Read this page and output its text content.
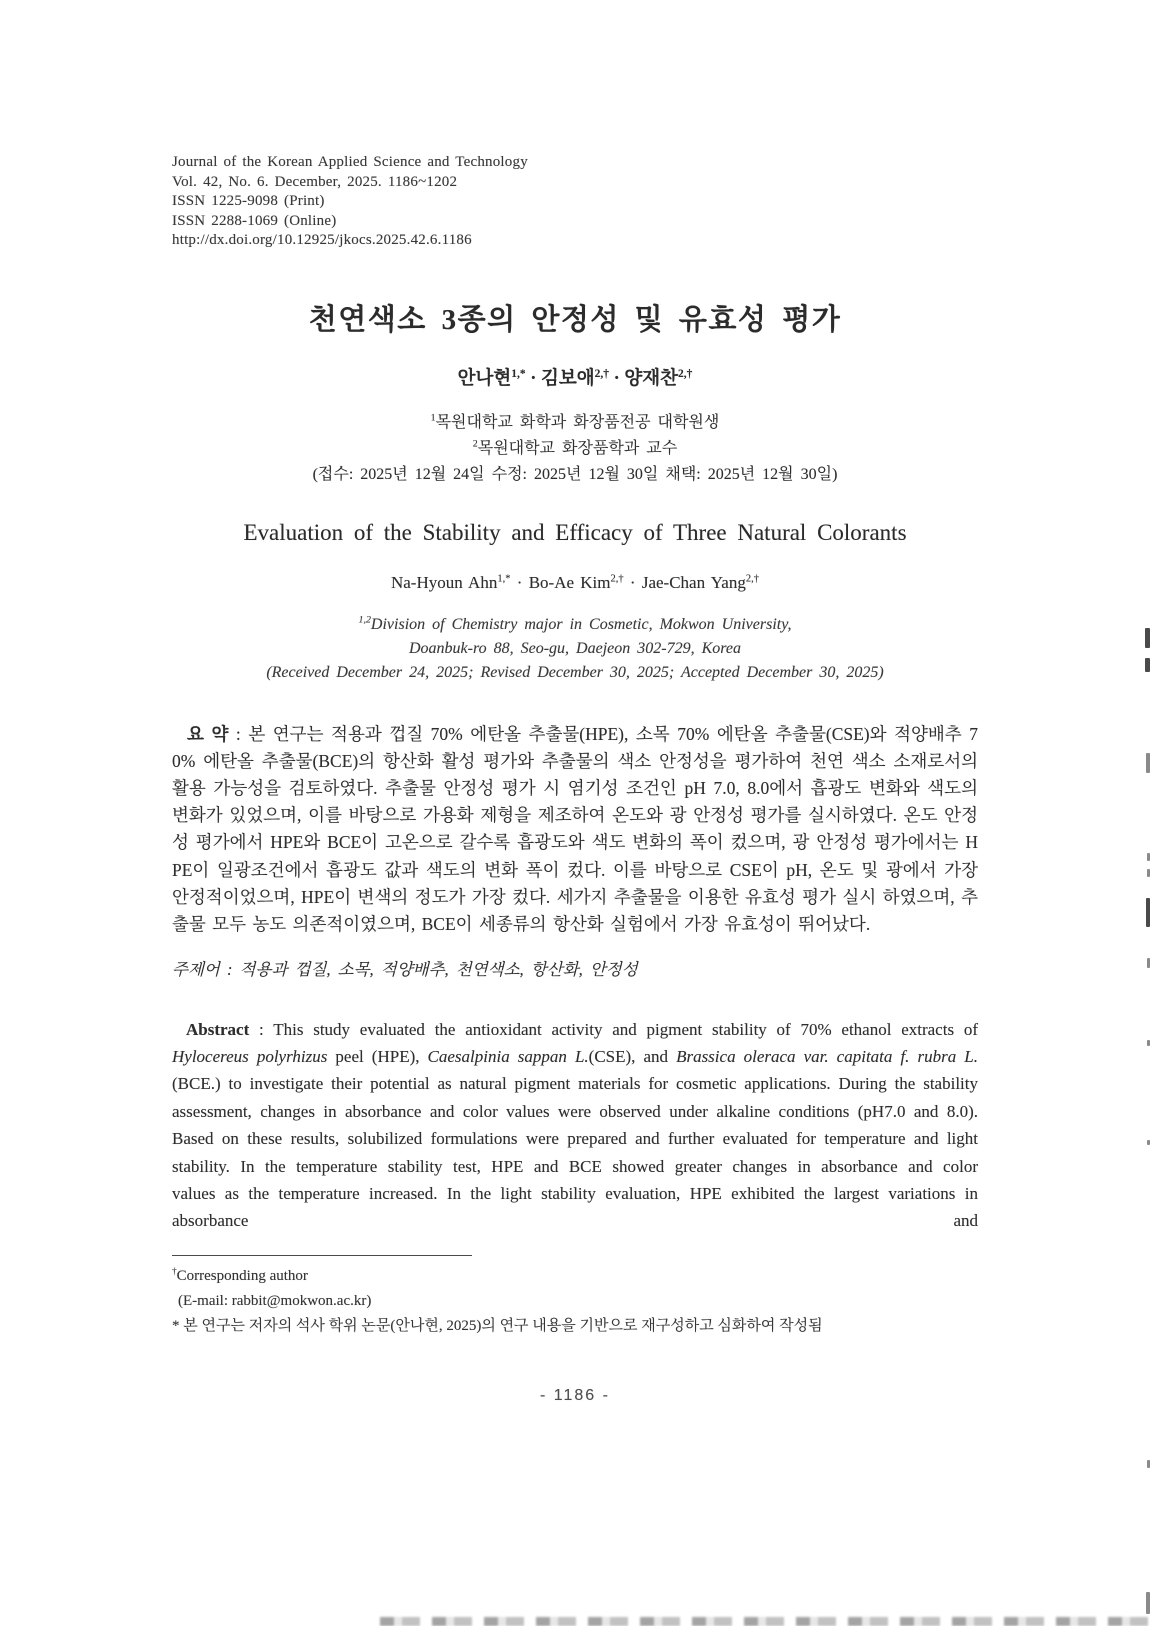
Journal of the Korean Applied Science and Technology
Vol. 42, No. 6. December, 2025. 1186~1202
ISSN 1225-9098 (Print)
ISSN 2288-1069 (Online)
http://dx.doi.org/10.12925/jkocs.2025.42.6.1186
천연색소 3종의 안정성 및 유효성 평가
안나현$^{1,*}$ · 김보애$^{2,\dagger}$ · 양재찬$^{2,\dagger}$
$^1$목원대학교 화학과 화장품전공 대학원생
$^2$목원대학교 화장품학과 교수
(접수: 2025년 12월 24일 수정: 2025년 12월 30일 채택: 2025년 12월 30일)
Evaluation of the Stability and Efficacy of Three Natural Colorants
Na-Hyoun Ahn$^{1,*}$ · Bo-Ae Kim$^{2,\dagger}$ · Jae-Chan Yang$^{2,\dagger}$
$^{1,2}$Division of Chemistry major in Cosmetic, Mokwon University,
Doanbuk-ro 88, Seo-gu, Daejeon 302-729, Korea
(Received December 24, 2025; Revised December 30, 2025; Accepted December 30, 2025)

요 약 : 본 연구는 적용과 껍질 70% 에탄올 추출물(HPE), 소목 70% 에탄올 추출물(CSE)와 적양배추 70% 에탄올 추출물(BCE)의 항산화 활성 평가와 추출물의 색소 안정성을 평가하여 천연 색소 소재로서의 활용 가능성을 검토하였다. 추출물 안정성 평가 시 염기성 조건인 pH 7.0, 8.0에서 흡광도 변화와 색도의 변화가 있었으며, 이를 바탕으로 가용화 제형을 제조하여 온도와 광 안정성 평가를 실시하였다. 온도 안정성 평가에서 HPE와 BCE이 고온으로 갈수록 흡광도와 색도 변화의 폭이 컸으며, 광 안정성 평가에서는 HPE이 일광조건에서 흡광도 값과 색도의 변화 폭이 컸다. 이를 바탕으로 CSE이 pH, 온도 및 광에서 가장 안정적이었으며, HPE이 변색의 정도가 가장 컸다. 세가지 추출물을 이용한 유효성 평가 실시 하였으며, 추출물 모두 농도 의존적이였으며, BCE이 세종류의 항산화 실험에서 가장 유효성이 뛰어났다.

주제어 : 적용과 껍질, 소목, 적양배추, 천연색소, 항산화, 안정성

Abstract : This study evaluated the antioxidant activity and pigment stability of 70% ethanol extracts of Hylocereus polyrhizus peel (HPE), Caesalpinia sappan L.(CSE), and Brassica oleraca var. capitata f. rubra L.(BCE.) to investigate their potential as natural pigment materials for cosmetic applications. During the stability assessment, changes in absorbance and color values were observed under alkaline conditions (pH7.0 and 8.0). Based on these results, solubilized formulations were prepared and further evaluated for temperature and light stability. In the temperature stability test, HPE and BCE showed greater changes in absorbance and color values as the temperature increased. In the light stability evaluation, HPE exhibited the largest variations in absorbance and

†Corresponding author
(E-mail: rabbit@mokwon.ac.kr)
* 본 연구는 저자의 석사 학위 논문(안나현, 2025)의 연구 내용을 기반으로 재구성하고 심화하여 작성됨
- 1186 -
